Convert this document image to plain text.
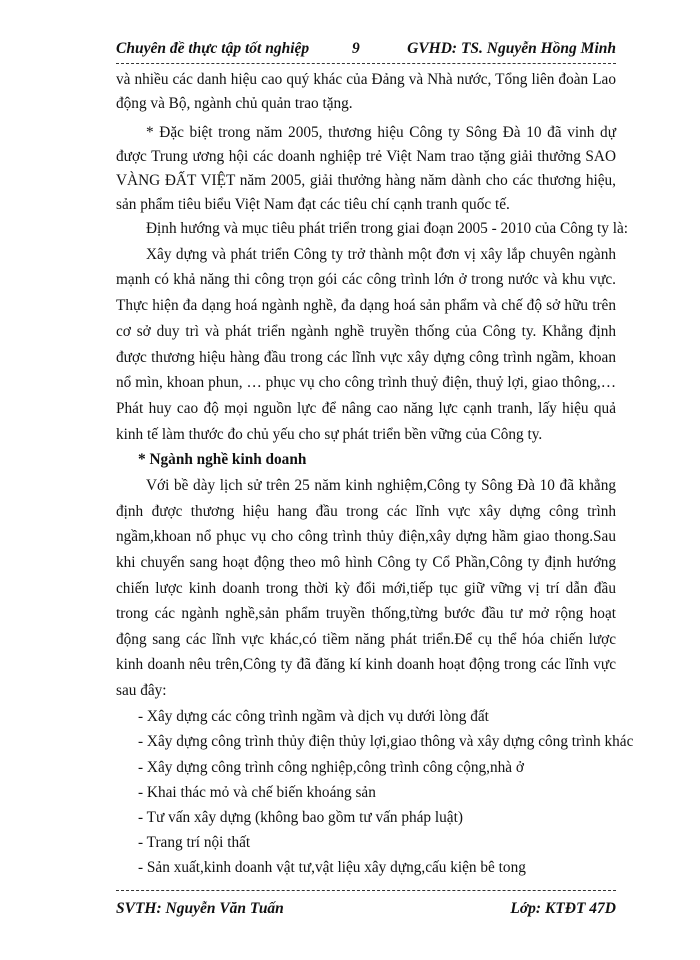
Chuyên đề thực tập tốt nghiệp	9	GVHD: TS. Nguyễn Hồng Minh
và nhiều các danh hiệu cao quý khác của Đảng và Nhà nước, Tổng liên đoàn Lao
động và Bộ, ngành chủ quản trao tặng.
* Đặc biệt trong năm 2005, thương hiệu Công ty Sông Đà 10 đã vinh dự
được Trung ương hội các doanh nghiệp trẻ Việt Nam trao tặng giải thưởng SAO
VÀNG ĐẤT VIỆT năm 2005, giải thưởng hàng năm dành cho các thương hiệu,
sản phẩm tiêu biểu Việt Nam đạt các tiêu chí cạnh tranh quốc tế.
Định hướng và mục tiêu phát triển trong giai đoạn 2005 - 2010 của Công ty là:
Xây dựng và phát triển Công ty trở thành một đơn vị xây lắp chuyên ngành
mạnh có khả năng thi công trọn gói các công trình lớn ở trong nước và khu vực.
Thực hiện đa dạng hoá ngành nghề, đa dạng hoá sản phẩm và chế độ sở hữu trên
cơ sở duy trì và phát triển ngành nghề truyền thống của Công ty. Khẳng định
được thương hiệu hàng đầu trong các lĩnh vực xây dựng công trình ngầm, khoan
nổ mìn, khoan phun, … phục vụ cho công trình thuỷ điện, thuỷ lợi, giao thông,…
Phát huy cao độ mọi nguồn lực để nâng cao năng lực cạnh tranh, lấy hiệu quả
kinh tế làm thước đo chủ yếu cho sự phát triển bền vững của Công ty.
* Ngành nghề kinh doanh
Với bề dày lịch sử trên 25 năm kinh nghiệm,Công ty Sông Đà 10 đã khẳng
định được thương hiệu hang đầu trong các lĩnh vực xây dựng công trình
ngầm,khoan nổ phục vụ cho công trình thủy điện,xây dựng hầm giao thong.Sau
khi chuyển sang hoạt động theo mô hình Công ty Cổ Phần,Công ty định hướng
chiến lược kinh doanh trong thời kỳ đổi mới,tiếp tục giữ vững vị trí dẫn đầu
trong các ngành nghề,sản phẩm truyền thống,từng bước đầu tư mở rộng hoạt
động sang các lĩnh vực khác,có tiềm năng phát triển.Để cụ thể hóa chiến lược
kinh doanh nêu trên,Công ty đã đăng kí kinh doanh hoạt động trong các lĩnh vực
sau đây:
- Xây dựng các công trình ngầm và dịch vụ dưới lòng đất
- Xây dựng công trình thủy điện thủy lợi,giao thông và xây dựng công trình khác
- Xây dựng công trình công nghiệp,công trình công cộng,nhà ở
- Khai thác mỏ và chế biến khoáng sản
- Tư vấn xây dựng (không bao gồm tư vấn pháp luật)
- Trang trí nội thất
- Sản xuất,kinh doanh vật tư,vật liệu xây dựng,cấu kiện bê tong
SVTH: Nguyễn Văn Tuấn	Lớp: KTĐT 47D
